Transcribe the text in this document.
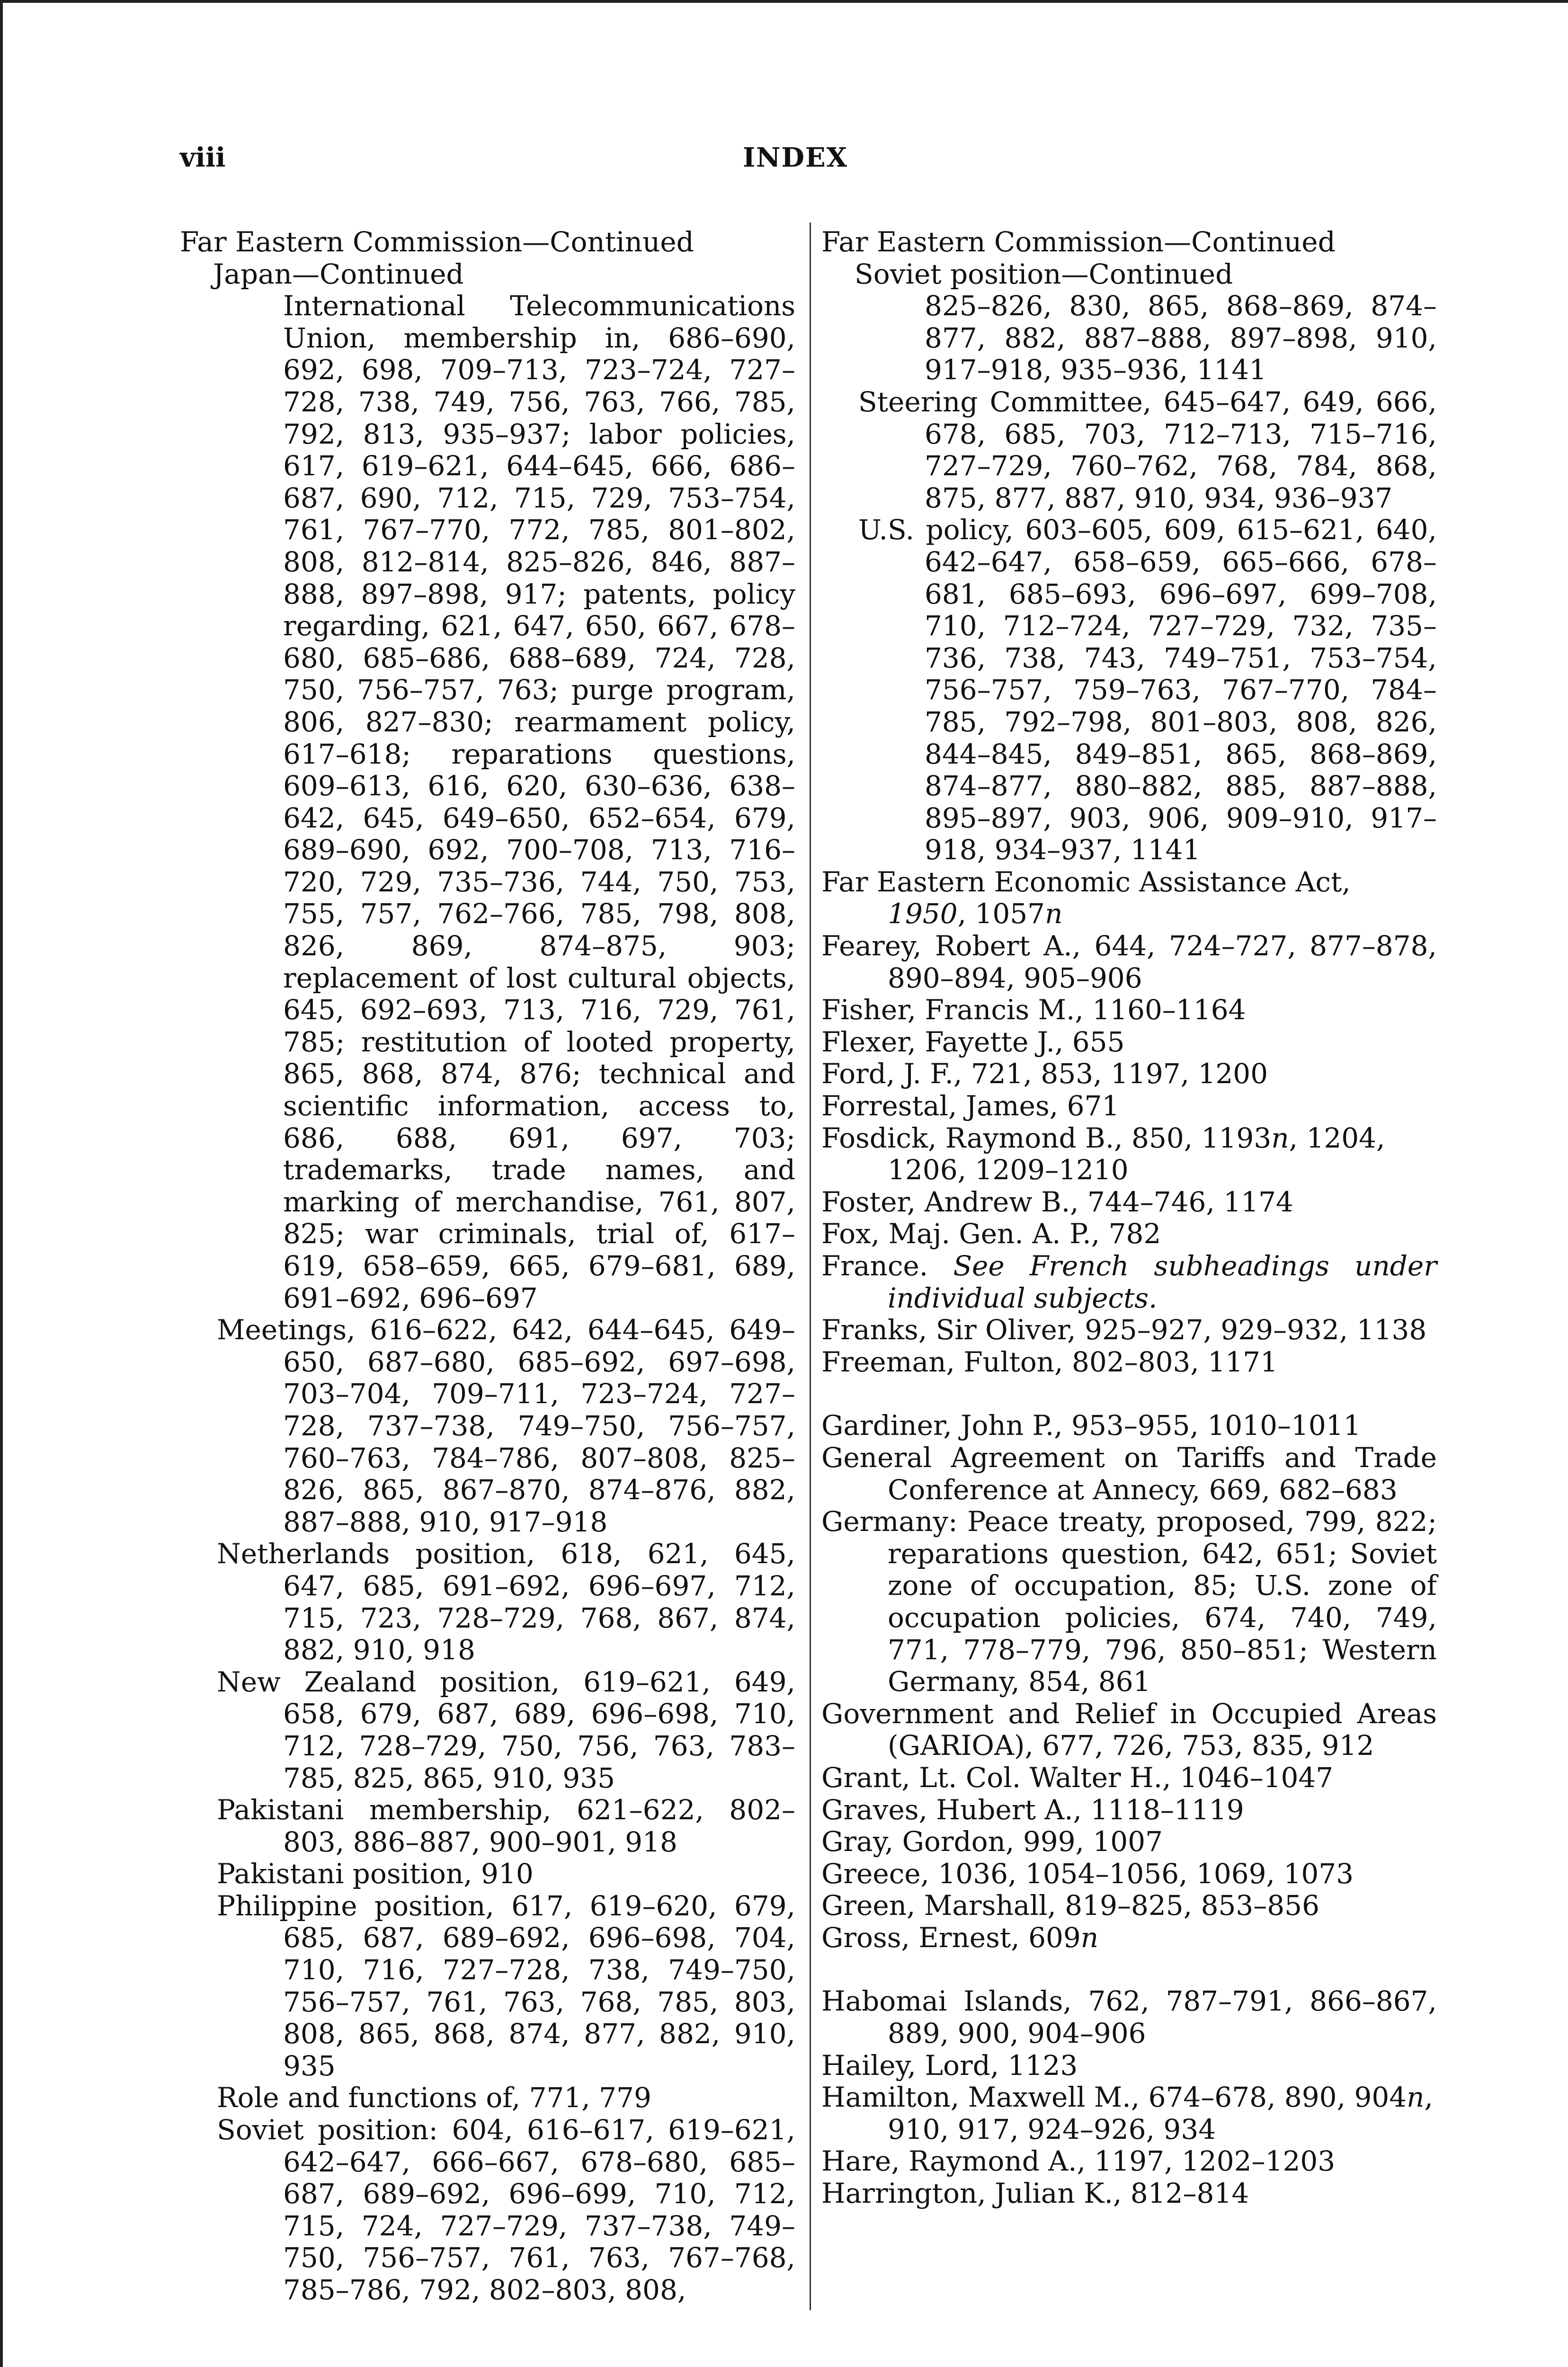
viii	INDEX

Far Eastern Commission—Continued

Japan—Continued

International Telecommunications Union, membership in, 686–690, 692, 698, 709–713, 723–724, 727–728, 738, 749, 756, 763, 766, 785, 792, 813, 935–937; labor policies, 617, 619–621, 644–645, 666, 686–687, 690, 712, 715, 729, 753–754, 761, 767–770, 772, 785, 801–802, 808, 812–814, 825–826, 846, 887–888, 897–898, 917; patents, policy regarding, 621, 647, 650, 667, 678–680, 685–686, 688–689, 724, 728, 750, 756–757, 763; purge program, 806, 827–830; rearmament policy, 617–618; reparations questions, 609–613, 616, 620, 630–636, 638–642, 645, 649–650, 652–654, 679, 689–690, 692, 700–708, 713, 716–720, 729, 735–736, 744, 750, 753, 755, 757, 762–766, 785, 798, 808, 826, 869, 874–875, 903; replacement of lost cultural objects, 645, 692–693, 713, 716, 729, 761, 785; restitution of looted property, 865, 868, 874, 876; technical and scientific information, access to, 686, 688, 691, 697, 703; trademarks, trade names, and marking of merchandise, 761, 807, 825; war criminals, trial of, 617–619, 658–659, 665, 679–681, 689, 691–692, 696–697

Meetings, 616–622, 642, 644–645, 649–650, 687–680, 685–692, 697–698, 703–704, 709–711, 723–724, 727–728, 737–738, 749–750, 756–757, 760–763, 784–786, 807–808, 825–826, 865, 867–870, 874–876, 882, 887–888, 910, 917–918

Netherlands position, 618, 621, 645, 647, 685, 691–692, 696–697, 712, 715, 723, 728–729, 768, 867, 874, 882, 910, 918

New Zealand position, 619–621, 649, 658, 679, 687, 689, 696–698, 710, 712, 728–729, 750, 756, 763, 783–785, 825, 865, 910, 935

Pakistani membership, 621–622, 802–803, 886–887, 900–901, 918

Pakistani position, 910

Philippine position, 617, 619–620, 679, 685, 687, 689–692, 696–698, 704, 710, 716, 727–728, 738, 749–750, 756–757, 761, 763, 768, 785, 803, 808, 865, 868, 874, 877, 882, 910, 935

Role and functions of, 771, 779

Soviet position: 604, 616–617, 619–621, 642–647, 666–667, 678–680, 685–687, 689–692, 696–699, 710, 712, 715, 724, 727–729, 737–738, 749–750, 756–757, 761, 763, 767–768, 785–786, 792, 802–803, 808,

Far Eastern Commission—Continued

Soviet position—Continued

825–826, 830, 865, 868–869, 874–877, 882, 887–888, 897–898, 910, 917–918, 935–936, 1141

Steering Committee, 645–647, 649, 666, 678, 685, 703, 712–713, 715–716, 727–729, 760–762, 768, 784, 868, 875, 877, 887, 910, 934, 936–937

U.S. policy, 603–605, 609, 615–621, 640, 642–647, 658–659, 665–666, 678–681, 685–693, 696–697, 699–708, 710, 712–724, 727–729, 732, 735–736, 738, 743, 749–751, 753–754, 756–757, 759–763, 767–770, 784–785, 792–798, 801–803, 808, 826, 844–845, 849–851, 865, 868–869, 874–877, 880–882, 885, 887–888, 895–897, 903, 906, 909–910, 917–918, 934–937, 1141

Far Eastern Economic Assistance Act, 1950, 1057n

Fearey, Robert A., 644, 724–727, 877–878, 890–894, 905–906

Fisher, Francis M., 1160–1164

Flexer, Fayette J., 655

Ford, J. F., 721, 853, 1197, 1200

Forrestal, James, 671

Fosdick, Raymond B., 850, 1193n, 1204, 1206, 1209–1210

Foster, Andrew B., 744–746, 1174

Fox, Maj. Gen. A. P., 782

France. See French subheadings under individual subjects.

Franks, Sir Oliver, 925–927, 929–932, 1138

Freeman, Fulton, 802–803, 1171

Gardiner, John P., 953–955, 1010–1011

General Agreement on Tariffs and Trade Conference at Annecy, 669, 682–683

Germany: Peace treaty, proposed, 799, 822; reparations question, 642, 651; Soviet zone of occupation, 85; U.S. zone of occupation policies, 674, 740, 749, 771, 778–779, 796, 850–851; Western Germany, 854, 861

Government and Relief in Occupied Areas (GARIOA), 677, 726, 753, 835, 912

Grant, Lt. Col. Walter H., 1046–1047

Graves, Hubert A., 1118–1119

Gray, Gordon, 999, 1007

Greece, 1036, 1054–1056, 1069, 1073

Green, Marshall, 819–825, 853–856

Gross, Ernest, 609n

Habomai Islands, 762, 787–791, 866–867, 889, 900, 904–906

Hailey, Lord, 1123

Hamilton, Maxwell M., 674–678, 890, 904n, 910, 917, 924–926, 934

Hare, Raymond A., 1197, 1202–1203

Harrington, Julian K., 812–814
